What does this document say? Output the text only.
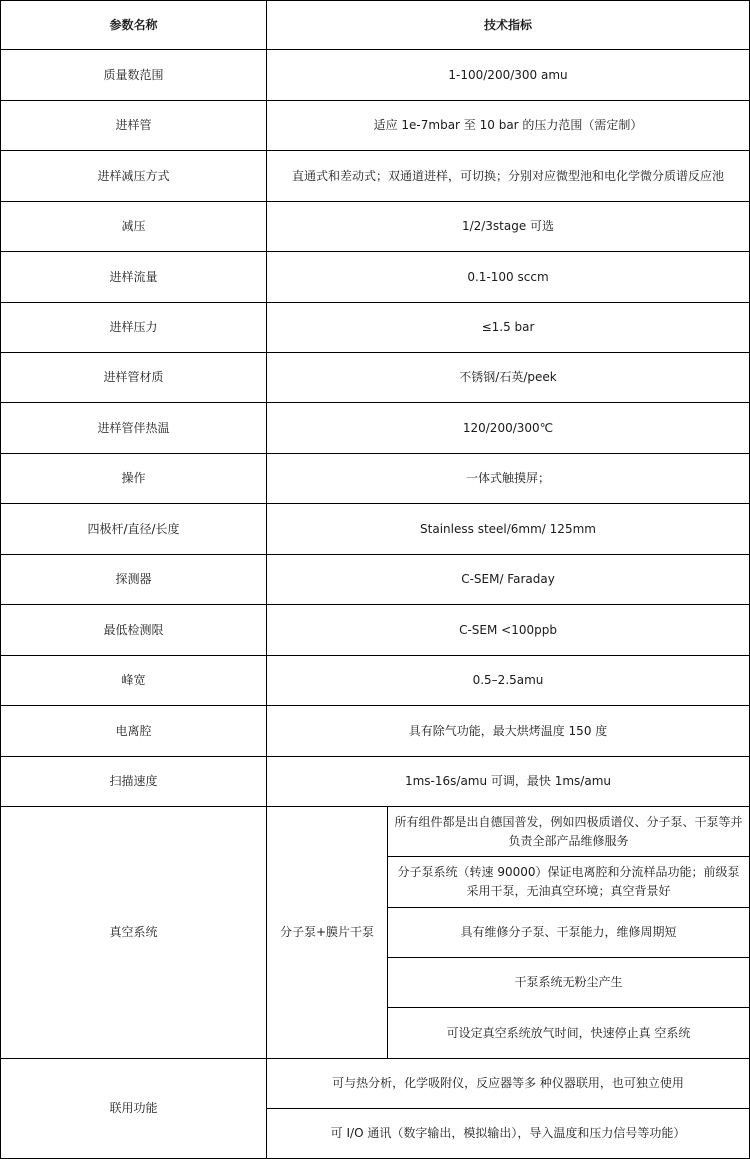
参数名称	技术指标	
质量数范围	1-100/200/300 amu	
进样管	适应 1e-7mbar 至 10 bar 的压力范围（需定制）	
进样减压方式	直通式和差动式；双通道进样，可切换；分别对应微型池和电化学微分质谱反应池	
减压	1/2/3stage 可选	
进样流量	0.1-100 sccm	
进样压力	≤1.5 bar	
进样管材质	不锈钢/石英/peek	
进样管伴热温	120/200/300℃	
操作	一体式触摸屏；	
四极杆/直径/长度	Stainless steel/6mm/ 125mm	
探测器	C-SEM/ Faraday	
最低检测限	C-SEM <100ppb	
峰宽	0.5–2.5amu	
电离腔	具有除气功能，最大烘烤温度 150 度	
扫描速度	1ms-16s/amu 可调，最快 1ms/amu	
真空系统	分子泵+膜片干泵	所有组件都是出自德国普发，例如四极质谱仪、分子泵、干泵等并负责全部产品维修服务
		分子泵系统（转速 90000）保证电离腔和分流样品功能；前级泵采用干泵，无油真空环境；真空背景好
		具有维修分子泵、干泵能力，维修周期短
		干泵系统无粉尘产生
		可设定真空系统放气时间，快速停止真 空系统
联用功能	可与热分析，化学吸附仪，反应器等多 种仪器联用，也可独立使用	
	可 I/O 通讯（数字输出，模拟输出），导入温度和压力信号等功能）	
